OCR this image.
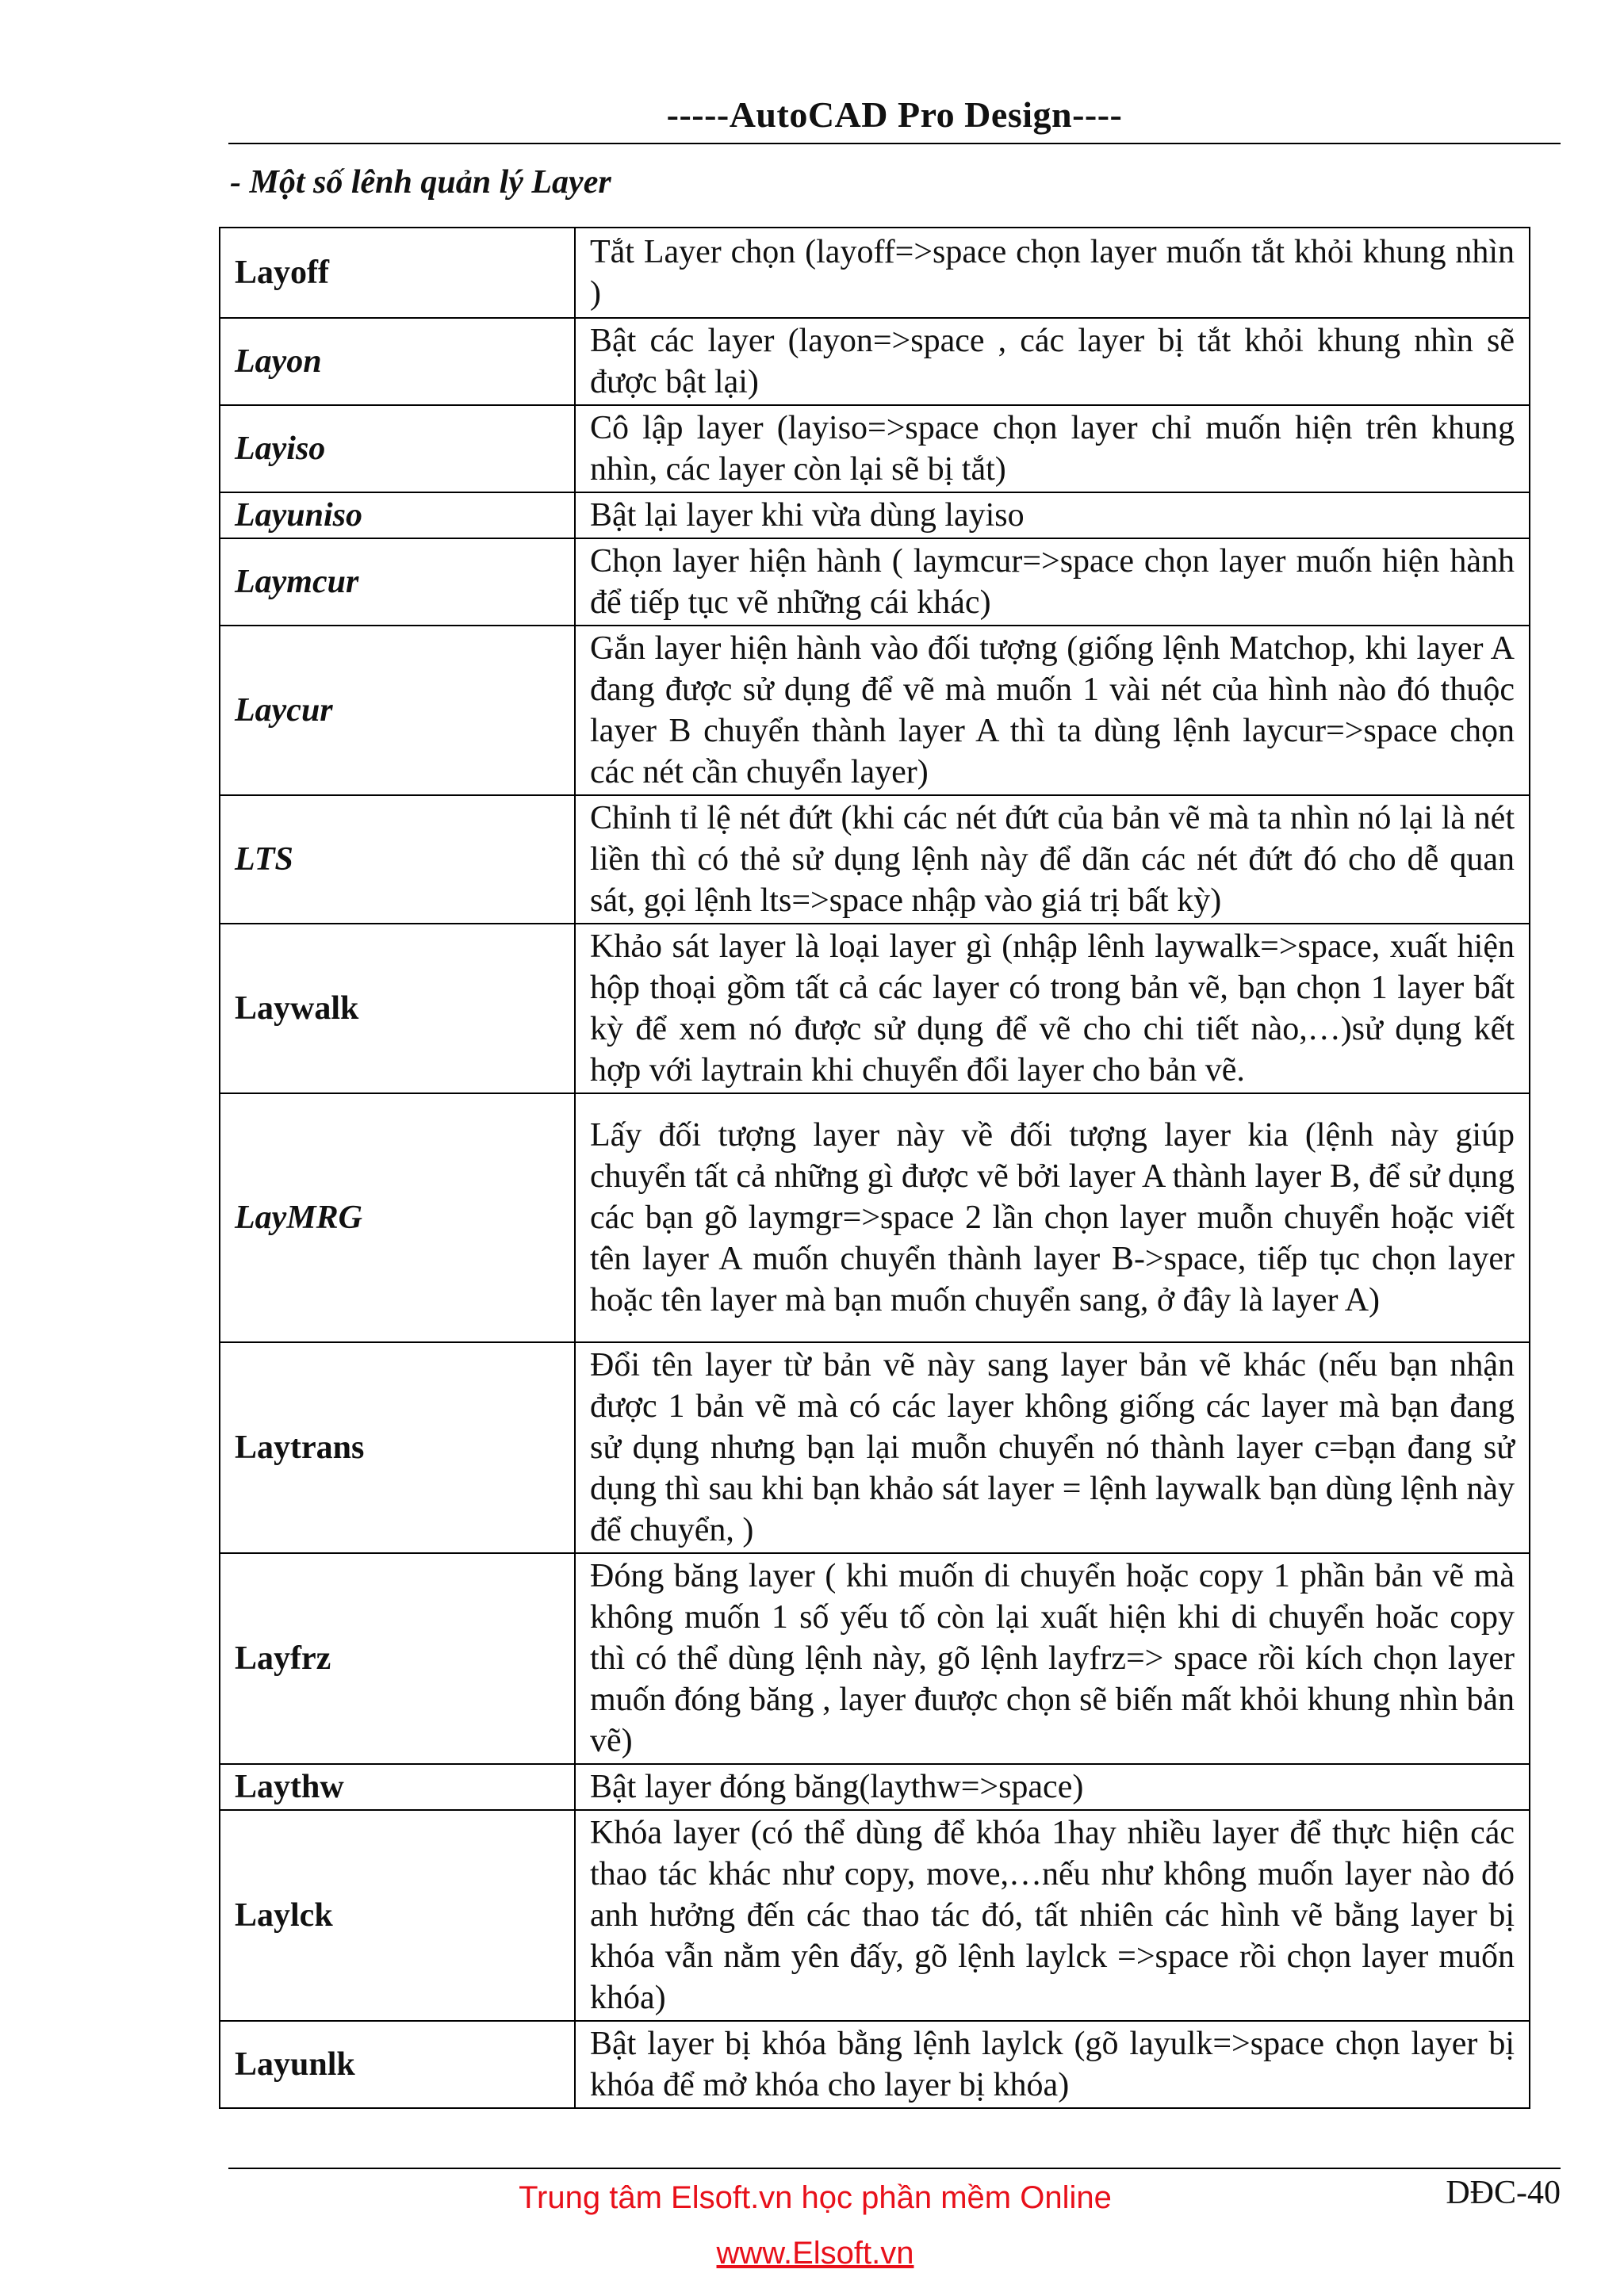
-----AutoCAD Pro Design----
- Một số lênh quản lý Layer
Layoff	Tắt Layer chọn (layoff=>space chọn layer muốn tắt khỏi khung nhìn )
Layon	Bật các layer (layon=>space , các layer bị tắt khỏi khung nhìn sẽ được bật lại)
Layiso	Cô lập layer (layiso=>space chọn layer chỉ muốn hiện trên khung nhìn, các layer còn lại sẽ bị tắt)
Layuniso	Bật lại layer khi vừa dùng layiso
Laymcur	Chọn layer hiện hành ( laymcur=>space chọn layer muốn hiện hành để tiếp tục vẽ những cái khác)
Laycur	Gắn layer hiện hành vào đối tượng (giống lệnh Matchop, khi layer A đang được sử dụng để vẽ mà muốn 1 vài nét của hình nào đó thuộc layer B chuyển thành layer A thì ta dùng lệnh laycur=>space chọn các nét cần chuyển layer)
LTS	Chỉnh tỉ lệ nét đứt (khi các nét đứt của bản vẽ mà ta nhìn nó lại là nét liền thì có thẻ sử dụng lệnh này để dãn các nét đứt đó cho dễ quan sát, gọi lệnh lts=>space nhập vào giá trị bất kỳ)
Laywalk	Khảo sát layer là loại layer gì (nhập lênh laywalk=>space, xuất hiện hộp thoại gồm tất cả các layer có trong bản vẽ, bạn chọn 1 layer bất kỳ để xem nó được sử dụng để vẽ cho chi tiết nào,…)sử dụng kết hợp với laytrain khi chuyển đổi layer cho bản vẽ.
LayMRG	Lấy đối tượng layer này về đối tượng layer kia (lệnh này giúp chuyển tất cả những gì được vẽ bởi layer A thành layer B, để sử dụng các bạn gõ laymgr=>space 2 lần chọn layer muỗn chuyển hoặc viết tên layer A muốn chuyển thành layer B->space, tiếp tục chọn layer hoặc tên layer mà bạn muốn chuyển sang, ở đây là layer A)
Laytrans	Đổi tên layer từ bản vẽ này sang layer bản vẽ khác (nếu bạn nhận được 1 bản vẽ mà có các layer không giống các layer mà bạn đang sử dụng nhưng bạn lại muỗn chuyển nó thành layer c=bạn đang sử dụng thì sau khi bạn khảo sát layer = lệnh laywalk bạn dùng lệnh này để chuyển, )
Layfrz	Đóng băng layer ( khi muốn di chuyển hoặc copy 1 phần bản vẽ mà không muốn 1 số yếu tố còn lại xuất hiện khi di chuyển hoăc copy thì có thể dùng lệnh này, gõ lệnh layfrz=> space rồi kích chọn layer muốn đóng băng , layer đuược chọn sẽ biến mất khỏi khung nhìn bản vẽ)
Laythw	Bật layer đóng băng(laythw=>space)
Laylck	Khóa layer (có thể dùng để khóa 1hay nhiều layer để thực hiện các thao tác khác như copy, move,…nếu như không muốn layer nào đó anh hưởng đến các thao tác đó, tất nhiên các hình vẽ bằng layer bị khóa vẫn nằm yên đấy, gõ lệnh laylck =>space rồi chọn layer muốn khóa)
Layunlk	Bật layer bị khóa bằng lệnh laylck (gõ layulk=>space chọn layer bị khóa để mở khóa cho layer bị khóa)
Trung tâm Elsoft.vn học phần mềm Online
www.Elsoft.vn
DĐC-40
